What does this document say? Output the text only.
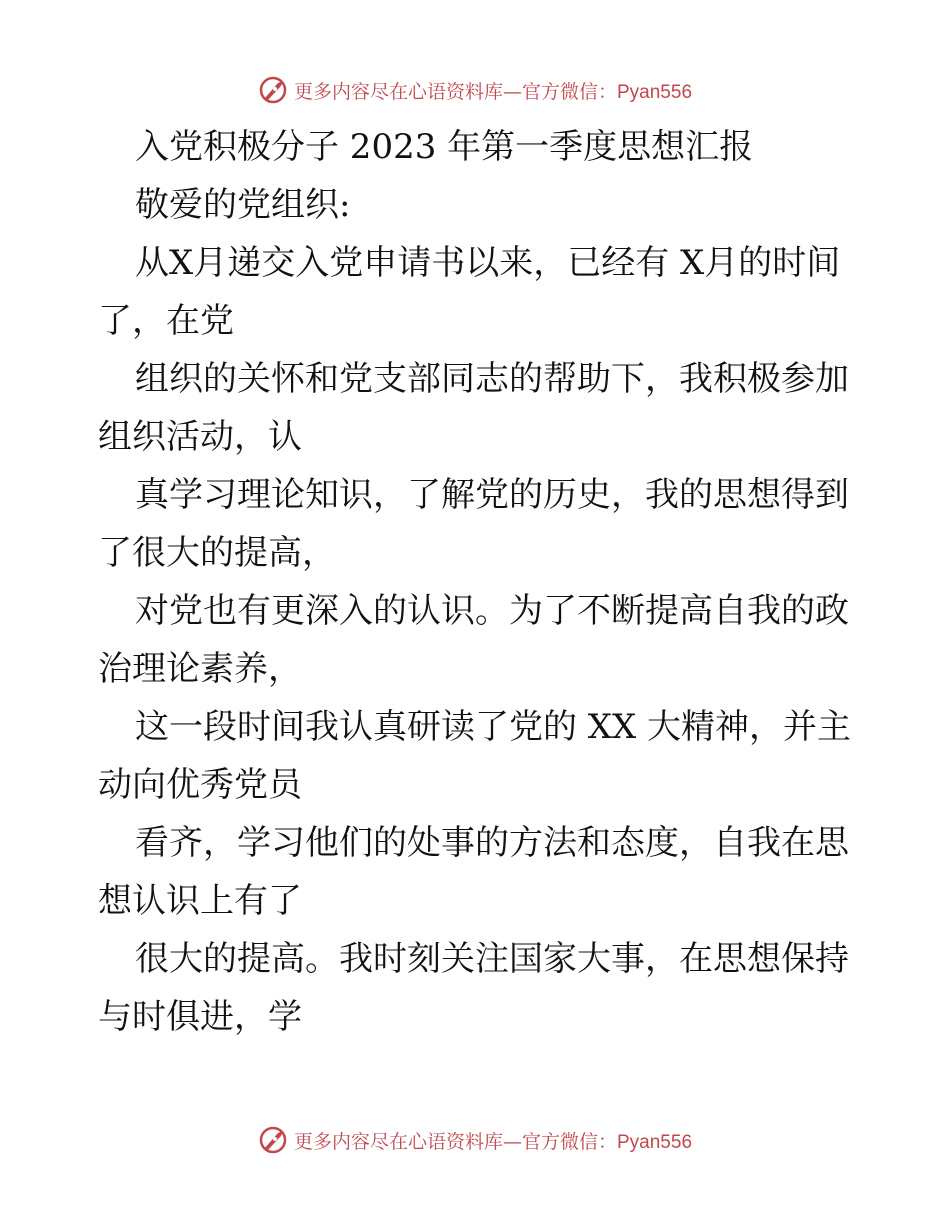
更多内容尽在心语资料库—官方微信：Pyan556
入党积极分子 2023 年第一季度思想汇报
敬爱的党组织:
从X月递交入党申请书以来，已经有 X月的时间
了，在党
组织的关怀和党支部同志的帮助下，我积极参加
组织活动，认
真学习理论知识，了解党的历史，我的思想得到
了很大的提高，
对党也有更深入的认识。为了不断提高自我的政
治理论素养，
这一段时间我认真研读了党的 XX 大精神，并主
动向优秀党员
看齐，学习他们的处事的方法和态度，自我在思
想认识上有了
很大的提高。我时刻关注国家大事，在思想保持
与时俱进，学
更多内容尽在心语资料库—官方微信：Pyan556
